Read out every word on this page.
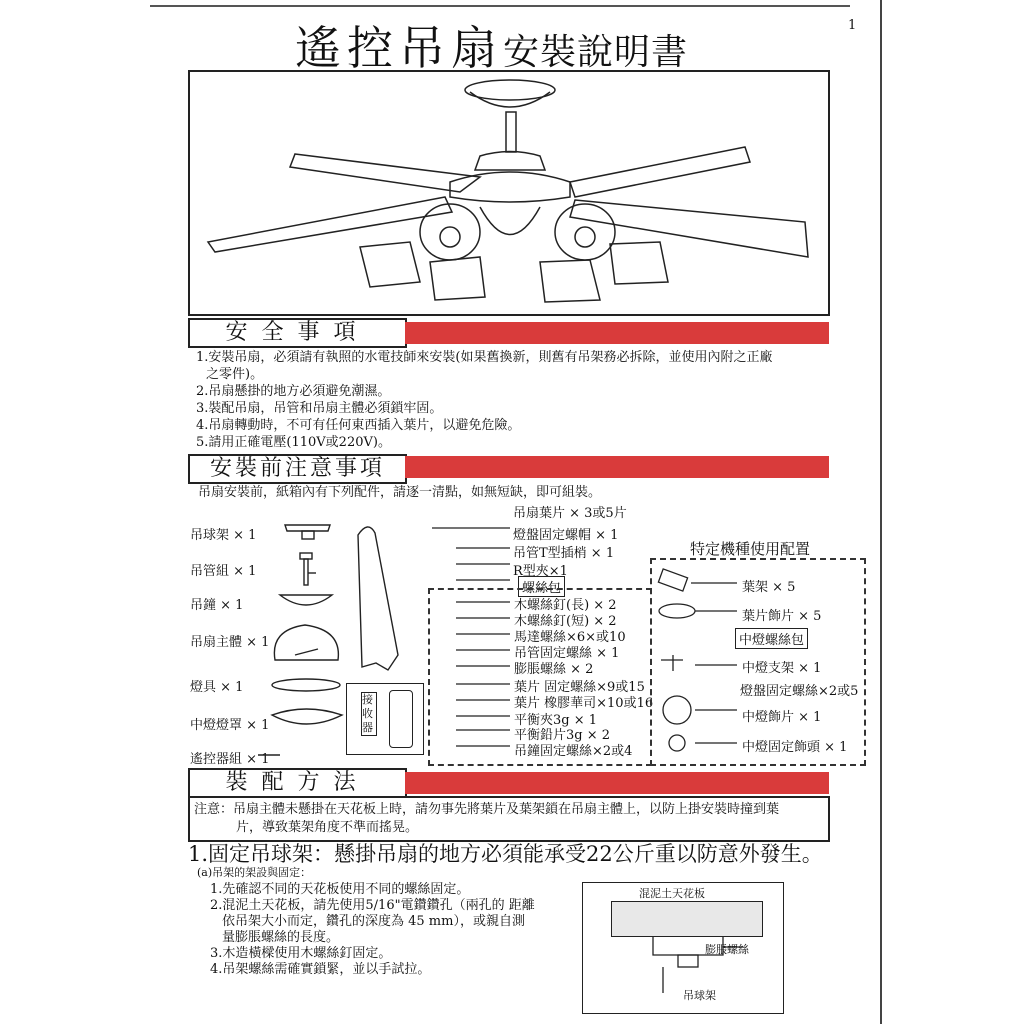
遙控吊扇安裝說明書
1
安全事項
1.安裝吊扇，必須請有執照的水電技師來安裝(如果舊換新，則舊有吊架務必拆除，並使用內附之正廠
之零件)。
2.吊扇懸掛的地方必須避免潮濕。
3.裝配吊扇，吊管和吊扇主體必須鎖牢固。
4.吊扇轉動時，不可有任何東西插入葉片，以避免危險。
5.請用正確電壓(110V或220V)。
安裝前注意事項
吊扇安裝前，紙箱內有下列配件，請逐一清點，如無短缺，即可組裝。
吊球架 × 1
吊管組 × 1
吊鐘 × 1
吊扇主體 × 1
燈具 × 1
中燈燈罩 × 1
遙控器組 × 1
接收器
吊扇葉片 × 3或5片
燈盤固定螺帽 × 1
吊管T型插梢 × 1
R型夾×1
螺絲包
木螺絲釘(長) × 2
木螺絲釘(短) × 2
馬達螺絲×6×或10
吊管固定螺絲 × 1
膨脹螺絲 × 2
葉片 固定螺絲×9或15
葉片 橡膠華司×10或16
平衡夾3g × 1
平衡鉛片3g × 2
吊鐘固定螺絲×2或4
特定機種使用配置
葉架 × 5
葉片飾片 × 5
中燈螺絲包
中燈支架 × 1
燈盤固定螺絲×2或5
中燈飾片 × 1
中燈固定飾頭 × 1
裝配方法
注意：吊扇主體未懸掛在天花板上時，請勿事先將葉片及葉架鎖在吊扇主體上，以防上掛安裝時撞到葉
片，導致葉架角度不準而搖晃。
1.固定吊球架：懸掛吊扇的地方必須能承受22公斤重以防意外發生。
(a)吊架的架設與固定：
1.先確認不同的天花板使用不同的螺絲固定。
2.混泥土天花板，請先使用5/16"電鑽鑽孔（兩孔的 距離
依吊架大小而定，鑽孔的深度為 45 mm），或親自測
量膨脹螺絲的長度。
3.木造橫樑使用木螺絲釘固定。
4.吊架螺絲需確實鎖緊，並以手試拉。
混泥土天花板
膨脹螺絲
吊球架
